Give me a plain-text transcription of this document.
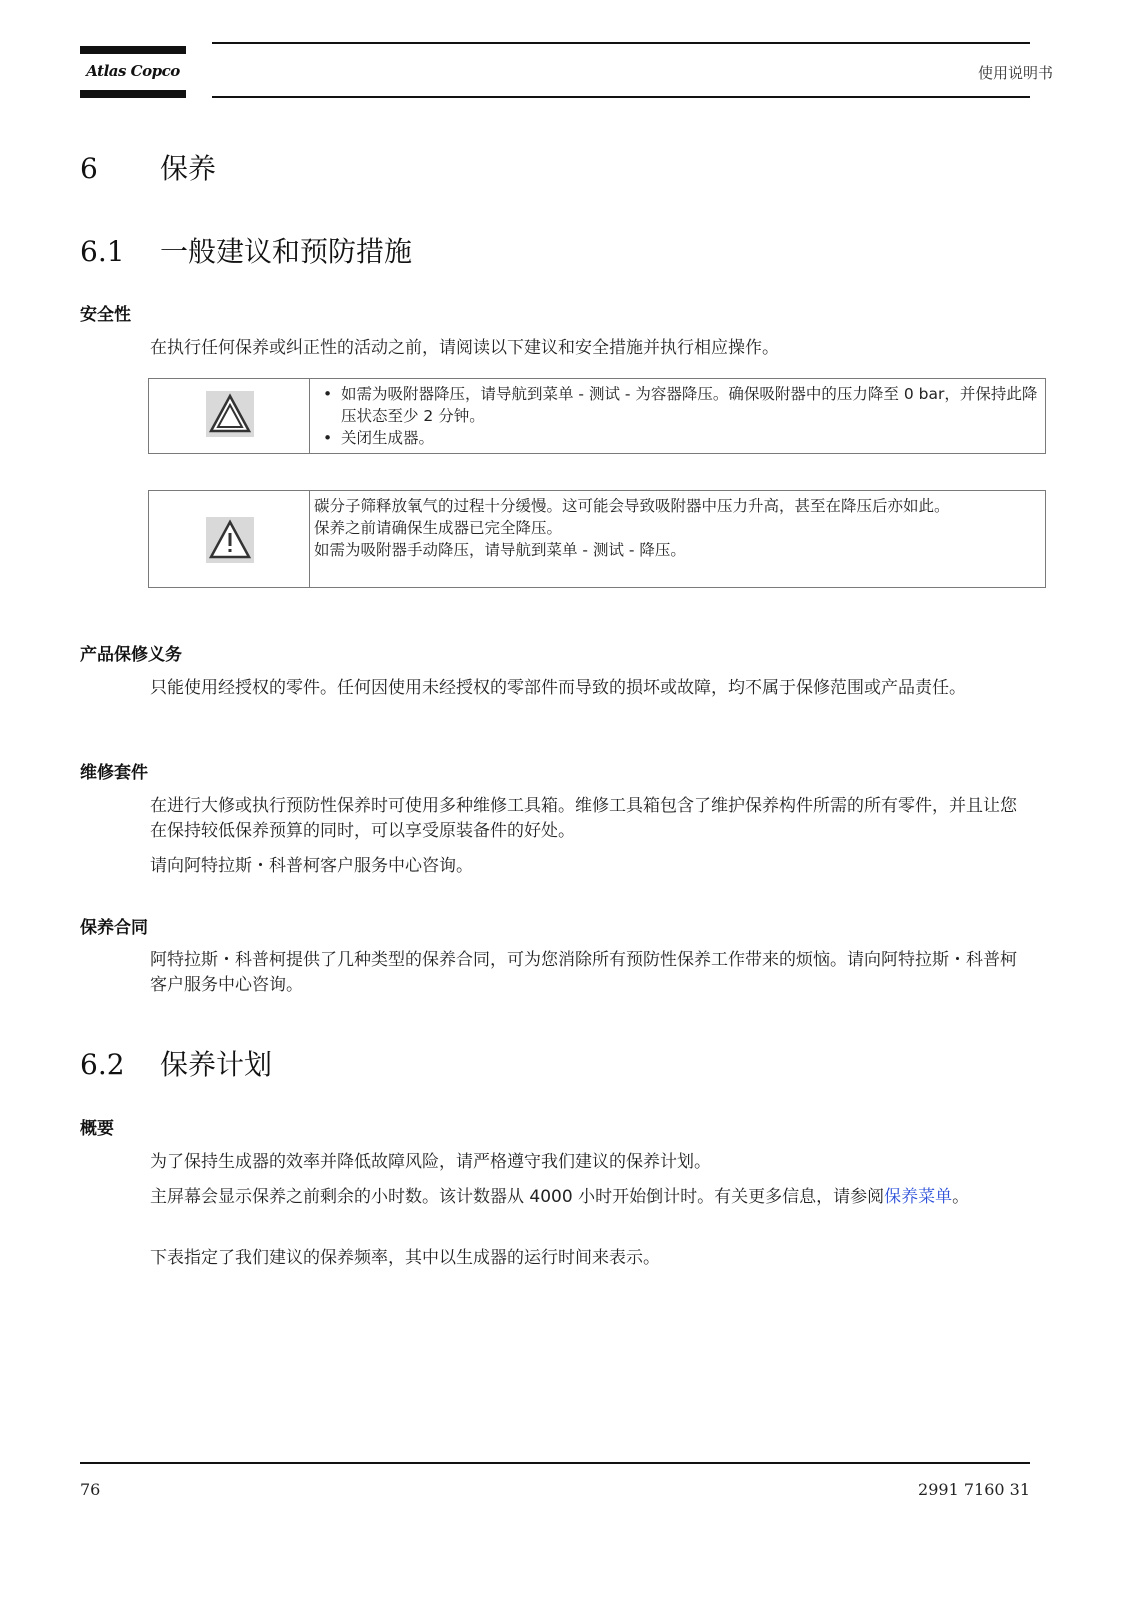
Atlas Copco	使用说明书
6 保养
6.1 一般建议和预防措施
安全性
在执行任何保养或纠正性的活动之前，请阅读以下建议和安全措施并执行相应操作。
• 如需为吸附器降压，请导航到菜单 - 测试 - 为容器降压。确保吸附器中的压力降至 0 bar，并保持此降压状态至少 2 分钟。
• 关闭生成器。
碳分子筛释放氧气的过程十分缓慢。这可能会导致吸附器中压力升高，甚至在降压后亦如此。
保养之前请确保生成器已完全降压。
如需为吸附器手动降压，请导航到菜单 - 测试 - 降压。
产品保修义务
只能使用经授权的零件。任何因使用未经授权的零部件而导致的损坏或故障，均不属于保修范围或产品责任。
维修套件
在进行大修或执行预防性保养时可使用多种维修工具箱。维修工具箱包含了维护保养构件所需的所有零件，并且让您在保持较低保养预算的同时，可以享受原装备件的好处。
请向阿特拉斯・科普柯客户服务中心咨询。
保养合同
阿特拉斯・科普柯提供了几种类型的保养合同，可为您消除所有预防性保养工作带来的烦恼。请向阿特拉斯・科普柯客户服务中心咨询。
6.2 保养计划
概要
为了保持生成器的效率并降低故障风险，请严格遵守我们建议的保养计划。
主屏幕会显示保养之前剩余的小时数。该计数器从 4000 小时开始倒计时。有关更多信息，请参阅保养菜单。
下表指定了我们建议的保养频率，其中以生成器的运行时间来表示。
76	2991 7160 31
